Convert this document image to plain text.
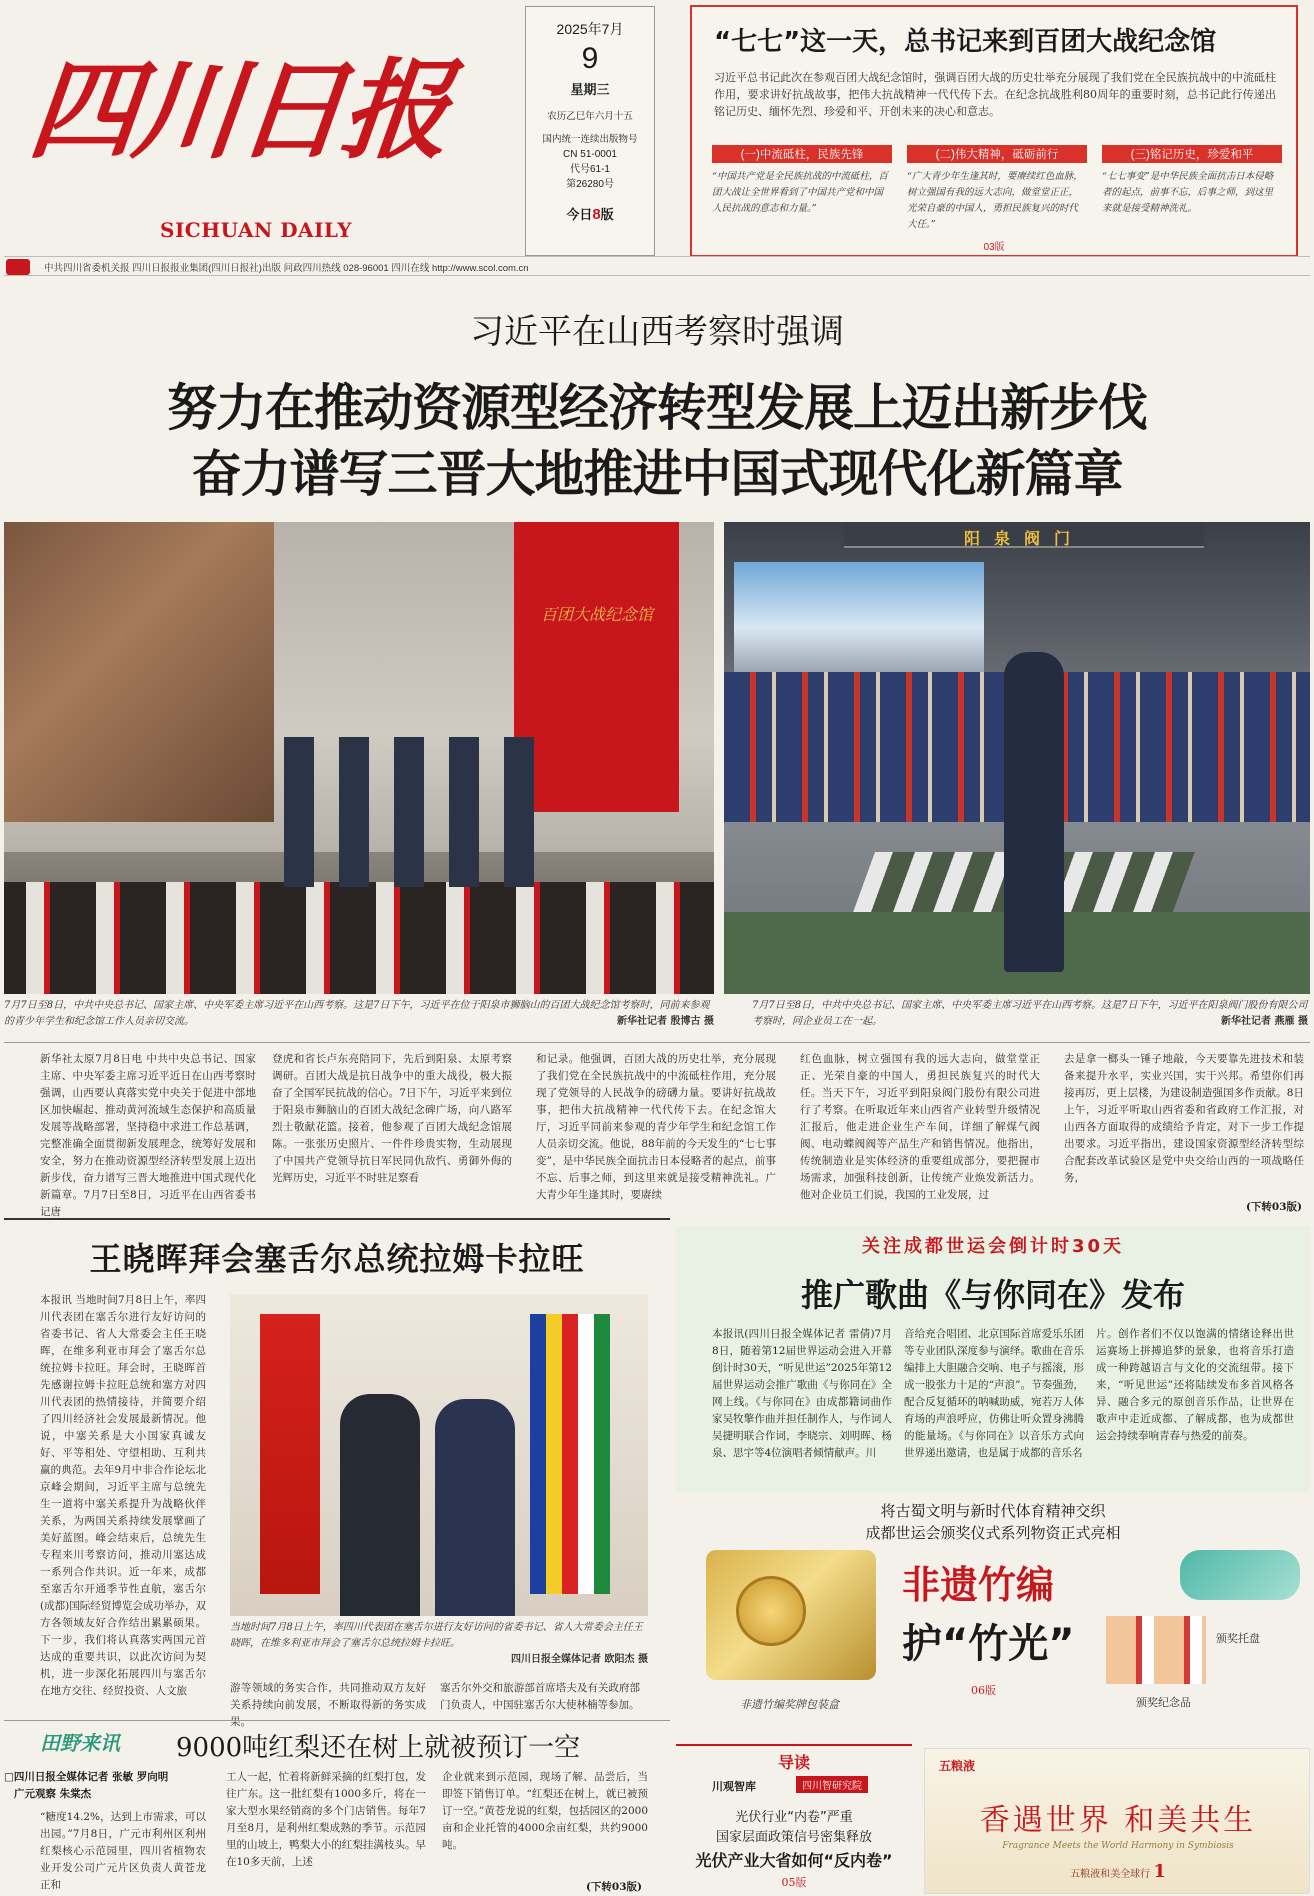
四川日报
SICHUAN DAILY
2025年7月
9
星期三
农历乙巳年六月十五
国内统一连续出版物号
CN 51-0001
代号61-1
第26280号
今日8版
“七七”这一天，总书记来到百团大战纪念馆
习近平总书记此次在参观百团大战纪念馆时，强调百团大战的历史壮举充分展现了我们党在全民族抗战中的中流砥柱作用，要求讲好抗战故事，把伟大抗战精神一代代传下去。在纪念抗战胜利80周年的重要时刻，总书记此行传递出铭记历史、缅怀先烈、珍爱和平、开创未来的决心和意志。
(一)中流砥柱，民族先锋
“中国共产党是全民族抗战的中流砥柱，百团大战让全世界看到了中国共产党和中国人民抗战的意志和力量。”
(二)伟大精神，砥砺前行
“广大青少年生逢其时，要赓续红色血脉，树立强国有我的远大志向，做堂堂正正，光荣自豪的中国人，勇担民族复兴的时代大任。”
(三)铭记历史，珍爱和平
“七七事变”是中华民族全面抗击日本侵略者的起点，前事不忘，后事之师，到这里来就是接受精神洗礼。
03版
中共四川省委机关报 四川日报报业集团(四川日报社)出版 问政四川热线 028-96001 四川在线 http://www.scol.com.cn
习近平在山西考察时强调
努力在推动资源型经济转型发展上迈出新步伐
奋力谱写三晋大地推进中国式现代化新篇章
百团大战纪念馆
阳泉阀门
7月7日至8日，中共中央总书记、国家主席、中央军委主席习近平在山西考察。这是7日下午，习近平在位于阳泉市狮脑山的百团大战纪念馆考察时，同前来参观的青少年学生和纪念馆工作人员亲切交流。	新华社记者 殷博古 摄
7月7日至8日，中共中央总书记、国家主席、中央军委主席习近平在山西考察。这是7日下午，习近平在阳泉阀门股份有限公司考察时，同企业员工在一起。	新华社记者 燕雁 摄
新华社太原7月8日电 中共中央总书记、国家主席、中央军委主席习近平近日在山西考察时强调，山西要认真落实党中央关于促进中部地区加快崛起、推动黄河流域生态保护和高质量发展等战略部署，坚持稳中求进工作总基调，完整准确全面贯彻新发展理念，统筹好发展和安全，努力在推动资源型经济转型发展上迈出新步伐，奋力谱写三晋大地推进中国式现代化新篇章。7月7日至8日，习近平在山西省委书记唐
登虎和省长卢东亮陪同下，先后到阳泉、太原考察调研。百团大战是抗日战争中的重大战役，极大振奋了全国军民抗战的信心。7日下午，习近平来到位于阳泉市狮脑山的百团大战纪念碑广场，向八路军烈士敬献花篮。接着，他参观了百团大战纪念馆展陈。一张张历史照片、一件件珍贵实物，生动展现了中国共产党领导抗日军民同仇敌忾、勇御外侮的光辉历史，习近平不时驻足察看
和记录。他强调，百团大战的历史壮举，充分展现了我们党在全民族抗战中的中流砥柱作用，充分展现了党领导的人民战争的磅礴力量。要讲好抗战故事，把伟大抗战精神一代代传下去。在纪念馆大厅，习近平同前来参观的青少年学生和纪念馆工作人员亲切交流。他说，88年前的今天发生的“七七事变”，是中华民族全面抗击日本侵略者的起点，前事不忘、后事之师，到这里来就是接受精神洗礼。广大青少年生逢其时，要赓续
红色血脉，树立强国有我的远大志向，做堂堂正正、光荣自豪的中国人，勇担民族复兴的时代大任。当天下午，习近平到阳泉阀门股份有限公司进行了考察。在听取近年来山西省产业转型升级情况汇报后，他走进企业生产车间，详细了解煤气阀阀、电动蝶阀阀等产品生产和销售情况。他指出，传统制造业是实体经济的重要组成部分，要把握市场需求，加强科技创新，让传统产业焕发新活力。他对企业员工们说，我国的工业发展，过
去是拿一榔头一锤子地敲，今天要靠先进技术和装备来提升水平，实业兴国，实干兴邦。希望你们再接再厉，更上层楼，为建设制造强国多作贡献。8日上午，习近平听取山西省委和省政府工作汇报，对山西各方面取得的成绩给予肯定，对下一步工作提出要求。习近平指出，建设国家资源型经济转型综合配套改革试验区是党中央交给山西的一项战略任务，
(下转03版)
王晓晖拜会塞舌尔总统拉姆卡拉旺
本报讯 当地时间7月8日上午，率四川代表团在塞舌尔进行友好访问的省委书记、省人大常委会主任王晓晖，在维多利亚市拜会了塞舌尔总统拉姆卡拉旺。拜会时，王晓晖首先感谢拉姆卡拉旺总统和塞方对四川代表团的热情接待，并简要介绍了四川经济社会发展最新情况。他说，中塞关系是大小国家真诚友好、平等相处、守望相助、互利共赢的典范。去年9月中非合作论坛北京峰会期间，习近平主席与总统先生一道将中塞关系提升为战略伙伴关系，为两国关系持续发展擘画了美好蓝图。峰会结束后，总统先生专程来川考察访问，推动川塞达成一系列合作共识。近一年来，成都至塞舌尔开通季节性直航，塞舌尔(成都)国际经贸博览会成功举办，双方各领域友好合作结出累累硕果。下一步，我们将认真落实两国元首达成的重要共识，以此次访问为契机，进一步深化拓展四川与塞舌尔在地方交往、经贸投资、人文旅
当地时间7月8日上午，率四川代表团在塞舌尔进行友好访问的省委书记、省人大常委会主任王晓晖，在维多利亚市拜会了塞舌尔总统拉姆卡拉旺。
四川日报全媒体记者 欧阳杰 摄
游等领域的务实合作，共同推动双方友好关系持续向前发展，不断取得新的务实成果。
塞舌尔外交和旅游部首席塔夫及有关政府部门负责人，中国驻塞舌尔大使林楠等参加。
关注成都世运会倒计时30天
推广歌曲《与你同在》发布
本报讯(四川日报全媒体记者 雷倩)7月8日，随着第12届世界运动会进入开幕倒计时30天，“听见世运”2025年第12届世界运动会推广歌曲《与你同在》全网上线。《与你同在》由成都籍词曲作家吴牧擎作曲并担任制作人，与作词人吴捷明联合作词，李晓宗、刘明晖、杨泉、思宇等4位演唱者倾情献声。川
音给充合唱团、北京国际首席爱乐乐团等专业团队深度参与演绎。歌曲在音乐编排上大胆融合交响、电子与摇滚，形成一股张力十足的“声浪”。节奏强劲，配合反复循环的呐喊助威，宛若万人体育场的声浪呼应，仿佛让听众置身沸腾的能量场。《与你同在》以音乐方式向世界递出邀请，也是属于成都的音乐名
片。创作者们不仅以饱满的情绪诠释出世运赛场上拼搏追梦的景象，也将音乐打造成一种跨越语言与文化的交流纽带。接下来，“听见世运”还将陆续发布多首风格各异、融合多元的原创音乐作品，让世界在歌声中走近成都、了解成都，也为成都世运会持续奉响青春与热爱的前奏。
将古蜀文明与新时代体育精神交织
成都世运会颁奖仪式系列物资正式亮相
非遗竹编奖牌包装盒
非遗竹编
护“竹光”
06版
颁奖托盘
颁奖纪念品
田野来讯 9000吨红梨还在树上就被预订一空
□四川日报全媒体记者 张敏 罗向明
广元观察 朱棠杰
“糖度14.2%，达到上市需求，可以出园。”7月8日，广元市利州区利州红梨核心示范园里，四川省植物农业开发公司广元片区负责人黄苍龙正和
工人一起，忙着将新鲜采摘的红梨打包，发往广东。这一批红梨有1000多斤，将在一家大型水果经销商的多个门店销售。每年7月至8月，是利州红梨成熟的季节。示范园里的山坡上，鸭梨大小的红梨挂满枝头。早在10多天前，上述
企业就来到示范园，现场了解、品尝后，当即签下销售订单。“红梨还在树上，就已被预订一空。”黄苍龙说的红梨，包括园区的2000亩和企业托管的4000余亩红梨，共约9000吨。
(下转03版)
导读
川观智库	四川智研究院
光伏行业“内卷”严重
国家层面政策信号密集释放
光伏产业大省如何“反内卷”
05版
五粮液
香遇世界 和美共生
Fragrance Meets the World Harmony in Symbiosis
五粮液和美全球行 1
